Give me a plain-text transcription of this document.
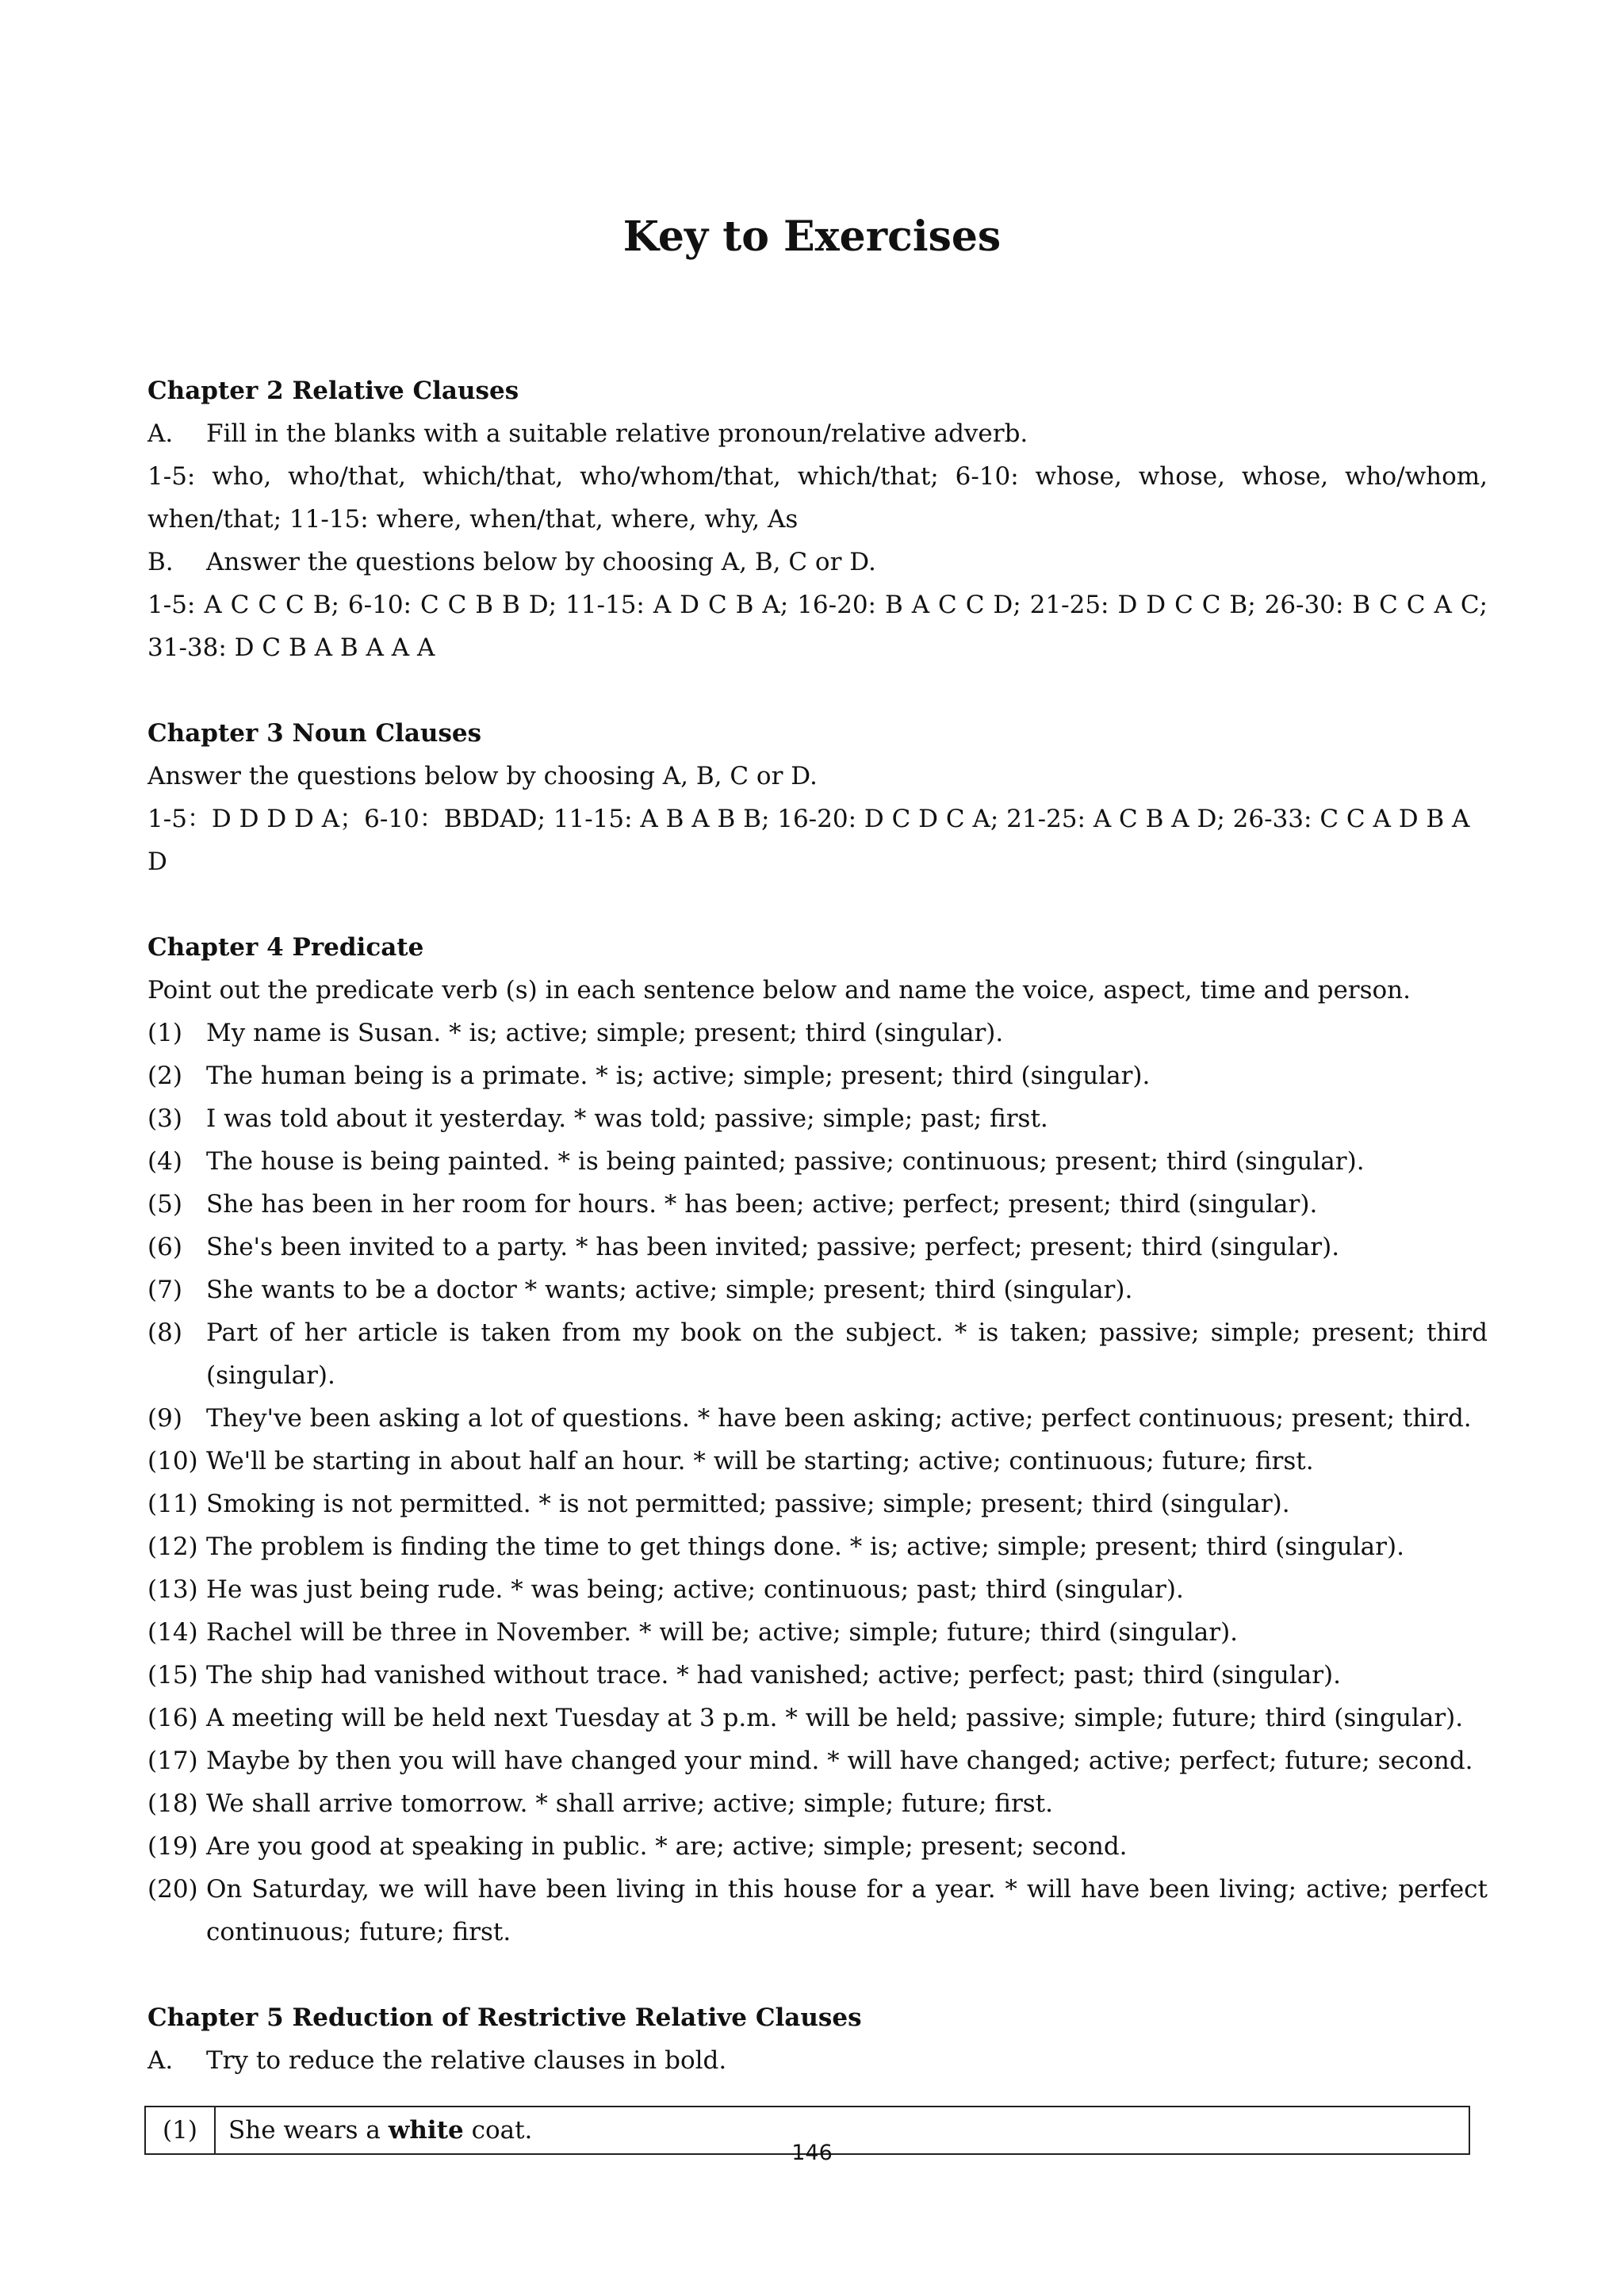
Key to Exercises

Chapter 2 Relative Clauses

A.	Fill in the blanks with a suitable relative pronoun/relative adverb.

1-5: who, who/that, which/that, who/whom/that, which/that; 6-10: whose, whose, whose, who/whom, when/that; 11-15: where, when/that, where, why, As

B.	Answer the questions below by choosing A, B, C or D.

1-5: A C C C B; 6-10: C C B B D; 11-15: A D C B A; 16-20: B A C C D; 21-25: D D C C B; 26-30: B C C A C; 31-38: D C B A B A A A

Chapter 3 Noun Clauses

Answer the questions below by choosing A, B, C or D.

1-5：D D D D A；6-10：BBDAD; 11-15: A B A B B; 16-20: D C D C A; 21-25: A C B A D; 26-33: C C A D B A D

Chapter 4 Predicate

Point out the predicate verb (s) in each sentence below and name the voice, aspect, time and person.

(1) My name is Susan. * is; active; simple; present; third (singular).
(2) The human being is a primate. * is; active; simple; present; third (singular).
(3) I was told about it yesterday. * was told; passive; simple; past; first.
(4) The house is being painted. * is being painted; passive; continuous; present; third (singular).
(5) She has been in her room for hours. * has been; active; perfect; present; third (singular).
(6) She's been invited to a party. * has been invited; passive; perfect; present; third (singular).
(7) She wants to be a doctor * wants; active; simple; present; third (singular).
(8) Part of her article is taken from my book on the subject. * is taken; passive; simple; present; third (singular).
(9) They've been asking a lot of questions. * have been asking; active; perfect continuous; present; third.
(10) We'll be starting in about half an hour. * will be starting; active; continuous; future; first.
(11) Smoking is not permitted. * is not permitted; passive; simple; present; third (singular).
(12) The problem is finding the time to get things done. * is; active; simple; present; third (singular).
(13) He was just being rude. * was being; active; continuous; past; third (singular).
(14) Rachel will be three in November. * will be; active; simple; future; third (singular).
(15) The ship had vanished without trace. * had vanished; active; perfect; past; third (singular).
(16) A meeting will be held next Tuesday at 3 p.m. * will be held; passive; simple; future; third (singular).
(17) Maybe by then you will have changed your mind. * will have changed; active; perfect; future; second.
(18) We shall arrive tomorrow. * shall arrive; active; simple; future; first.
(19) Are you good at speaking in public. * are; active; simple; present; second.
(20) On Saturday, we will have been living in this house for a year. * will have been living; active; perfect continuous; future; first.

Chapter 5 Reduction of Restrictive Relative Clauses

A.	Try to reduce the relative clauses in bold.
(1)	She wears a white coat.

146
